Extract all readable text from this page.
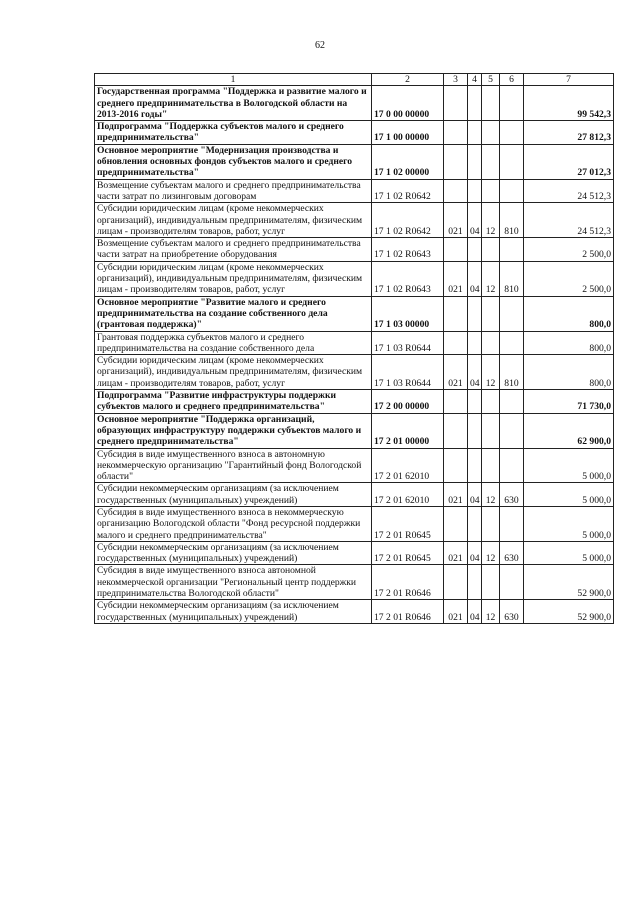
62
1	2	3	4	5	6	7
Государственная программа "Поддержка и развитие малого и среднего предпринимательства в Вологодской области на 2013-2016 годы"	17 0 00 00000					99 542,3
Подпрограмма "Поддержка субъектов малого и среднего предпринимательства"	17 1 00 00000					27 812,3
Основное мероприятие "Модернизация производства и обновления основных фондов субъектов малого и среднего предпринимательства"	17 1 02 00000					27 012,3
Возмещение субъектам малого и среднего предпринимательства части затрат по лизинговым договорам	17 1 02 R0642					24 512,3
Субсидии юридическим лицам (кроме некоммерческих организаций), индивидуальным предпринимателям, физическим лицам - производителям товаров, работ, услуг	17 1 02 R0642	021	04	12	810	24 512,3
Возмещение субъектам малого и среднего предпринимательства части затрат на приобретение оборудования	17 1 02 R0643					2 500,0
Субсидии юридическим лицам (кроме некоммерческих организаций), индивидуальным предпринимателям, физическим лицам - производителям товаров, работ, услуг	17 1 02 R0643	021	04	12	810	2 500,0
Основное мероприятие "Развитие малого и среднего предпринимательства на создание собственного дела (грантовая поддержка)"	17 1 03 00000					800,0
Грантовая поддержка субъектов малого и среднего предпринимательства на создание собственного дела	17 1 03 R0644					800,0
Субсидии юридическим лицам (кроме некоммерческих организаций), индивидуальным предпринимателям, физическим лицам - производителям товаров, работ, услуг	17 1 03 R0644	021	04	12	810	800,0
Подпрограмма "Развитие инфраструктуры поддержки субъектов малого и среднего предпринимательства"	17 2 00 00000					71 730,0
Основное мероприятие "Поддержка организаций, образующих инфраструктуру поддержки субъектов малого и среднего предпринимательства"	17 2 01 00000					62 900,0
Субсидия в виде имущественного взноса в автономную некоммерческую организацию "Гарантийный фонд Вологодской области"	17 2 01 62010					5 000,0
Субсидии некоммерческим организациям (за исключением государственных (муниципальных) учреждений)	17 2 01 62010	021	04	12	630	5 000,0
Субсидия в виде имущественного взноса в некоммерческую организацию Вологодской области "Фонд ресурсной поддержки малого и среднего предпринимательства"	17 2 01 R0645					5 000,0
Субсидии некоммерческим организациям (за исключением государственных (муниципальных) учреждений)	17 2 01 R0645	021	04	12	630	5 000,0
Субсидия в виде имущественного взноса автономной некоммерческой организации "Региональный центр поддержки предпринимательства Вологодской области"	17 2 01 R0646					52 900,0
Субсидии некоммерческим организациям (за исключением государственных (муниципальных) учреждений)	17 2 01 R0646	021	04	12	630	52 900,0
